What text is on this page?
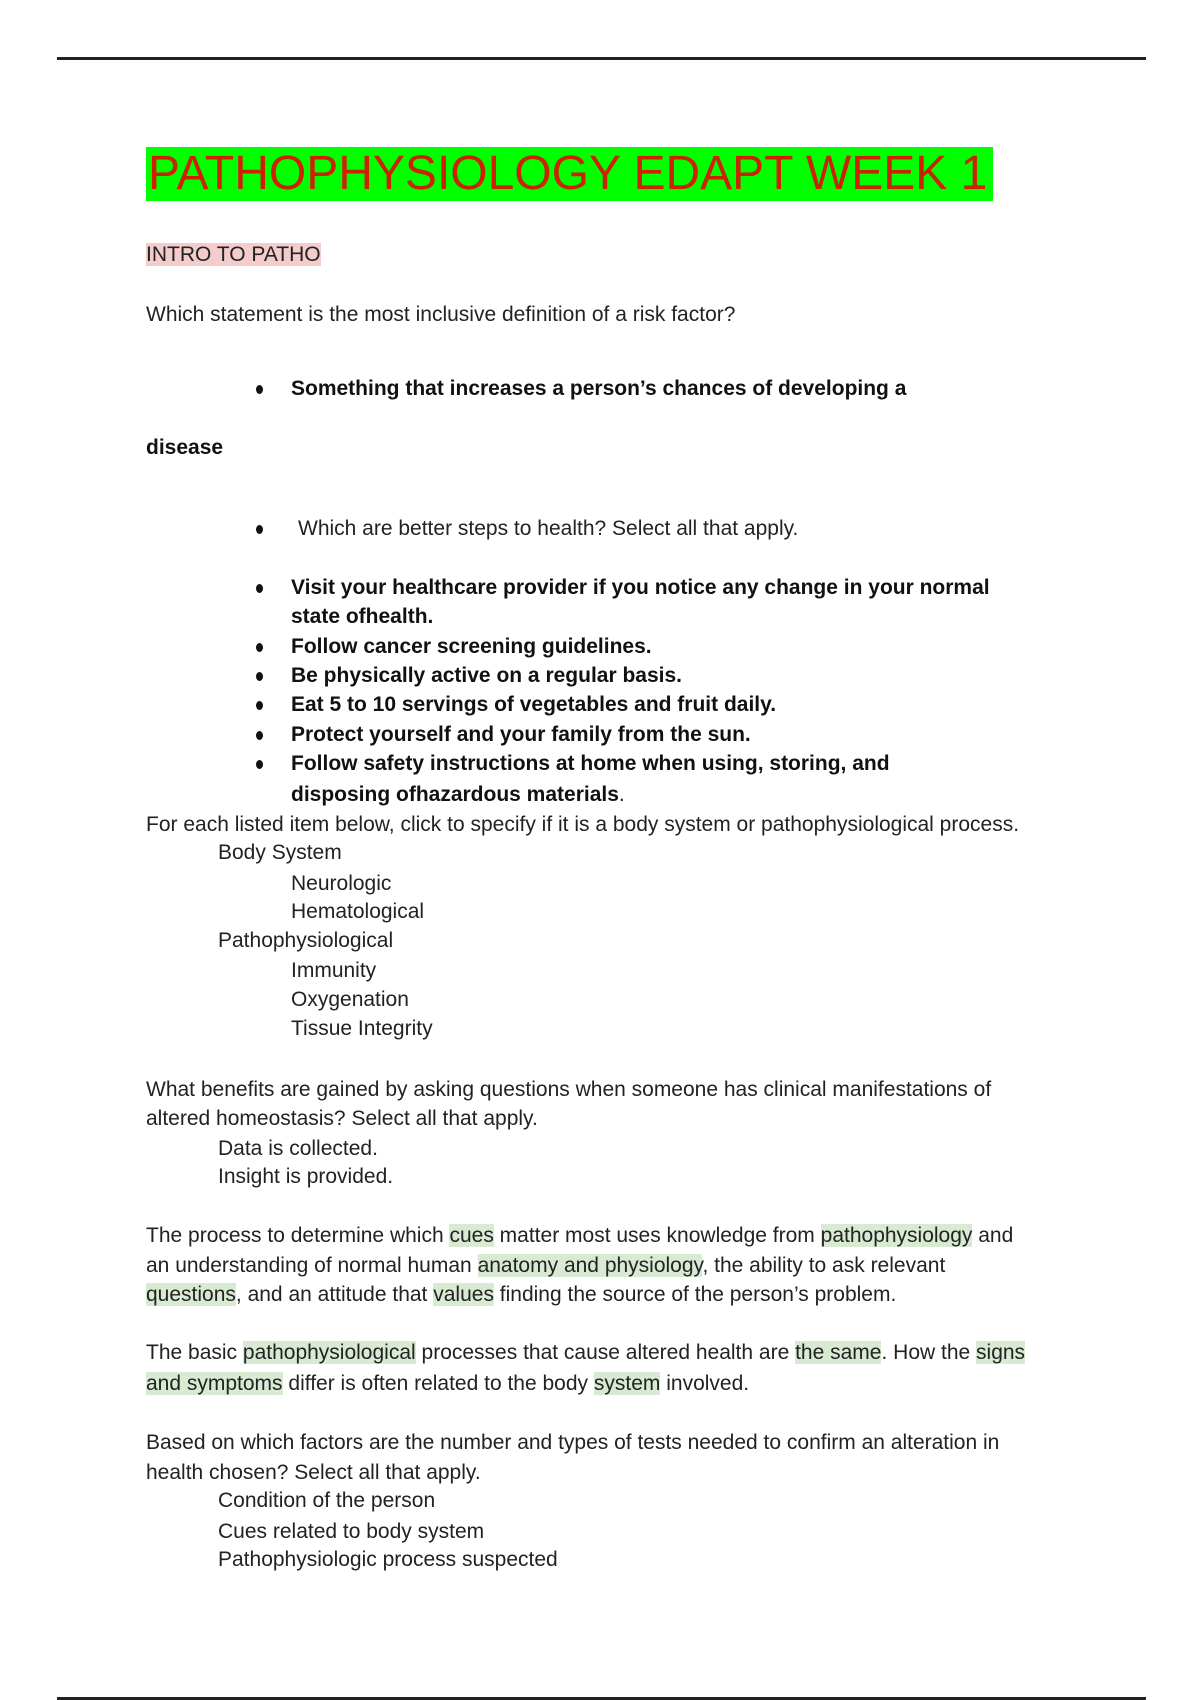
PATHOPHYSIOLOGY EDAPT WEEK 1
INTRO TO PATHO
Which statement is the most inclusive definition of a risk factor?
Something that increases a person’s chances of developing a
disease
Which are better steps to health? Select all that apply.
Visit your healthcare provider if you notice any change in your normal
state ofhealth.
Follow cancer screening guidelines.
Be physically active on a regular basis.
Eat 5 to 10 servings of vegetables and fruit daily.
Protect yourself and your family from the sun.
Follow safety instructions at home when using, storing, and
disposing ofhazardous materials.
For each listed item below, click to specify if it is a body system or pathophysiological process.
Body System
Neurologic
Hematological
Pathophysiological
Immunity
Oxygenation
Tissue Integrity
What benefits are gained by asking questions when someone has clinical manifestations of
altered homeostasis? Select all that apply.
Data is collected.
Insight is provided.
The process to determine which cues matter most uses knowledge from pathophysiology and
an understanding of normal human anatomy and physiology, the ability to ask relevant
questions, and an attitude that values finding the source of the person’s problem.
The basic pathophysiological processes that cause altered health are the same. How the signs
and symptoms differ is often related to the body system involved.
Based on which factors are the number and types of tests needed to confirm an alteration in
health chosen? Select all that apply.
Condition of the person
Cues related to body system
Pathophysiologic process suspected
